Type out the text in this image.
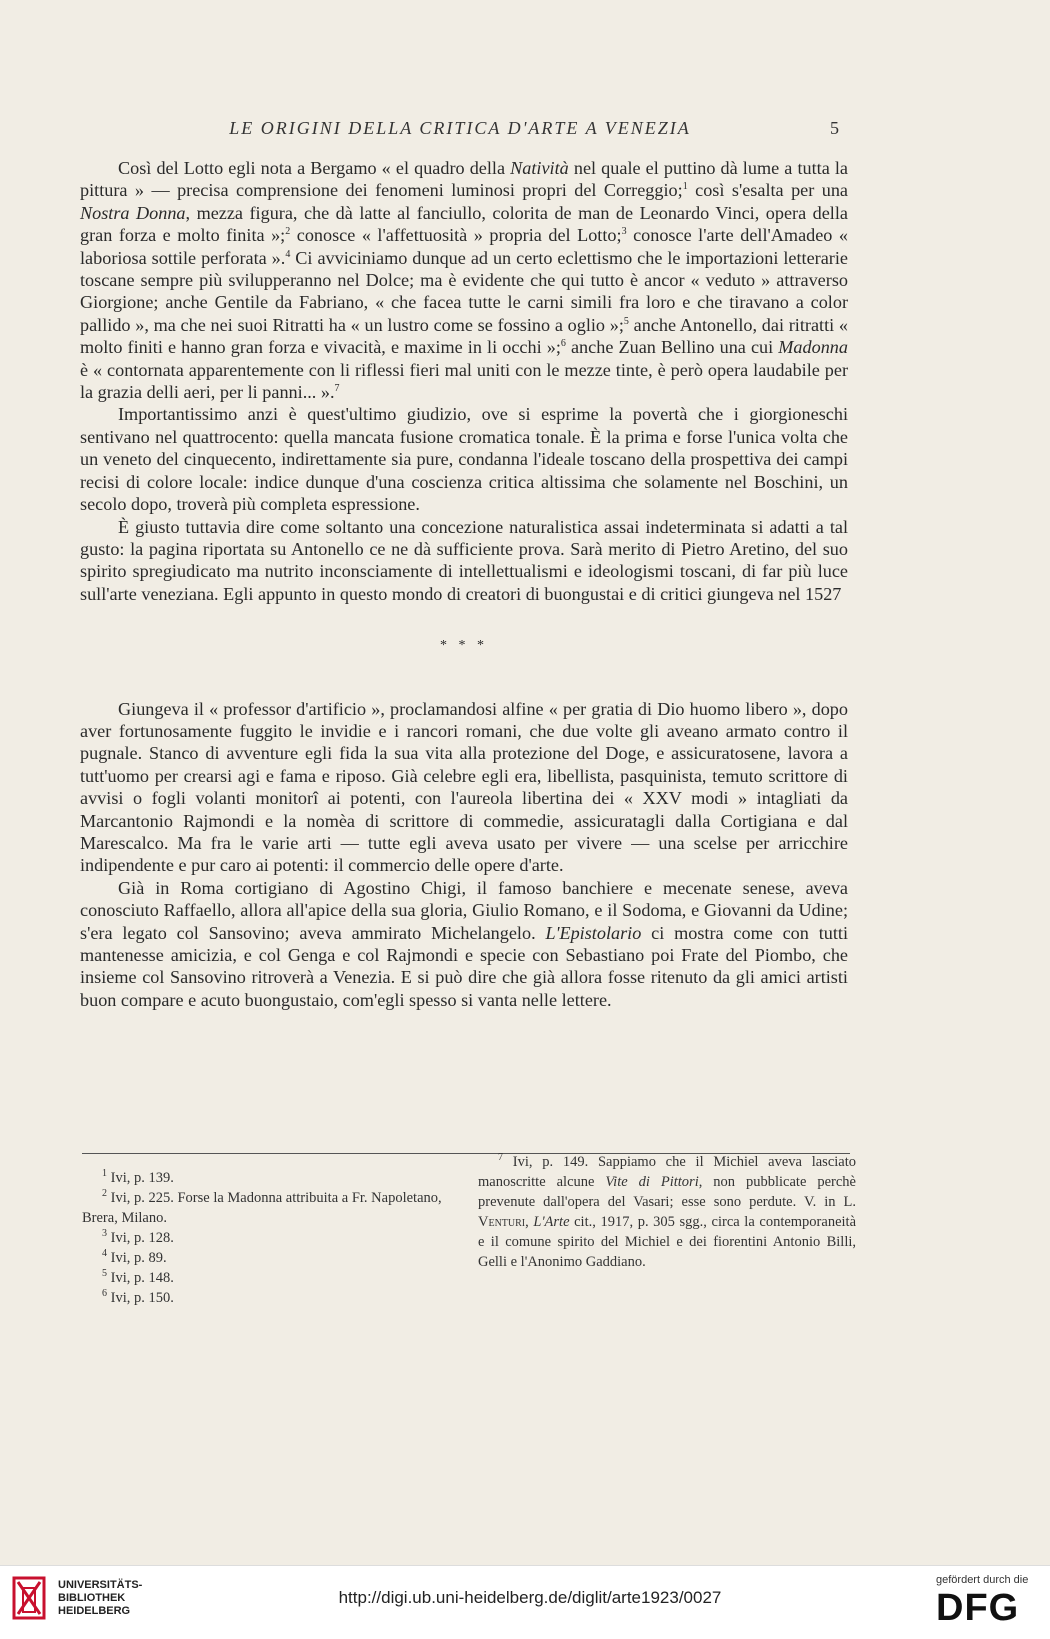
LE ORIGINI DELLA CRITICA D'ARTE A VENEZIA	5

Così del Lotto egli nota a Bergamo « el quadro della Natività nel quale el puttino dà lume a tutta la pittura » — precisa comprensione dei fenomeni luminosi propri del Correggio;$^1$ così s'esalta per una Nostra Donna, mezza figura, che dà latte al fanciullo, colorita de man de Leonardo Vinci, opera della gran forza e molto finita »;$^2$ conosce « l'affettuosità » propria del Lotto;$^3$ conosce l'arte dell'Amadeo « laboriosa sottile perforata ».$^4$ Ci avviciniamo dunque ad un certo eclettismo che le importazioni letterarie toscane sempre più svilupperanno nel Dolce; ma è evidente che qui tutto è ancor « veduto » attraverso Giorgione; anche Gentile da Fabriano, « che facea tutte le carni simili fra loro e che tiravano a color pallido », ma che nei suoi Ritratti ha « un lustro come se fossino a oglio »;$^5$ anche Antonello, dai ritratti « molto finiti e hanno gran forza e vivacità, e maxime in li occhi »;$^6$ anche Zuan Bellino una cui Madonna è « contornata apparentemente con li riflessi fieri mal uniti con le mezze tinte, è però opera laudabile per la grazia delli aeri, per li panni... ».$^7$

Importantissimo anzi è quest'ultimo giudizio, ove si esprime la povertà che i giorgioneschi sentivano nel quattrocento: quella mancata fusione cromatica tonale. È la prima e forse l'unica volta che un veneto del cinquecento, indirettamente sia pure, condanna l'ideale toscano della prospettiva dei campi recisi di colore locale: indice dunque d'una coscienza critica altissima che solamente nel Boschini, un secolo dopo, troverà più completa espressione.

È giusto tuttavia dire come soltanto una concezione naturalistica assai indeterminata si adatti a tal gusto: la pagina riportata su Antonello ce ne dà sufficiente prova. Sarà merito di Pietro Aretino, del suo spirito spregiudicato ma nutrito inconsciamente di intellettualismi e ideologismi toscani, di far più luce sull'arte veneziana. Egli appunto in questo mondo di creatori di buongustai e di critici giungeva nel 1527

* * *

Giungeva il « professor d'artificio », proclamandosi alfine « per gratia di Dio huomo libero », dopo aver fortunosamente fuggito le invidie e i rancori romani, che due volte gli aveano armato contro il pugnale. Stanco di avventure egli fida la sua vita alla protezione del Doge, e assicuratosene, lavora a tutt'uomo per crearsi agi e fama e riposo. Già celebre egli era, libellista, pasquinista, temuto scrittore di avvisi o fogli volanti monitorî ai potenti, con l'aureola libertina dei « XXV modi » intagliati da Marcantonio Rajmondi e la nomèa di scrittore di commedie, assicuratagli dalla Cortigiana e dal Marescalco. Ma fra le varie arti — tutte egli aveva usato per vivere — una scelse per arricchire indipendente e pur caro ai potenti: il commercio delle opere d'arte.

Già in Roma cortigiano di Agostino Chigi, il famoso banchiere e mecenate senese, aveva conosciuto Raffaello, allora all'apice della sua gloria, Giulio Romano, e il Sodoma, e Giovanni da Udine; s'era legato col Sansovino; aveva ammirato Michelangelo. L'Epistolario ci mostra come con tutti mantenesse amicizia, e col Genga e col Rajmondi e specie con Sebastiano poi Frate del Piombo, che insieme col Sansovino ritroverà a Venezia. E si può dire che già allora fosse ritenuto da gli amici artisti buon compare e acuto buongustaio, com'egli spesso si vanta nelle lettere.

$^1$ Ivi, p. 139.

$^2$ Ivi, p. 225. Forse la Madonna attribuita a Fr. Napoletano, Brera, Milano.

$^3$ Ivi, p. 128.

$^4$ Ivi, p. 89.

$^5$ Ivi, p. 148.

$^6$ Ivi, p. 150.

$^7$ Ivi, p. 149. Sappiamo che il Michiel aveva lasciato manoscritte alcune Vite di Pittori, non pubblicate perchè prevenute dall'opera del Vasari; esse sono perdute. V. in L. Venturi, L'Arte cit., 1917, p. 305 sgg., circa la contemporaneità e il comune spirito del Michiel e dei fiorentini Antonio Billi, Gelli e l'Anonimo Gaddiano.

UNIVERSITÄTS-
BIBLIOTHEK
HEIDELBERG
http://digi.ub.uni-heidelberg.de/diglit/arte1923/0027
gefördert durch die
DFG
